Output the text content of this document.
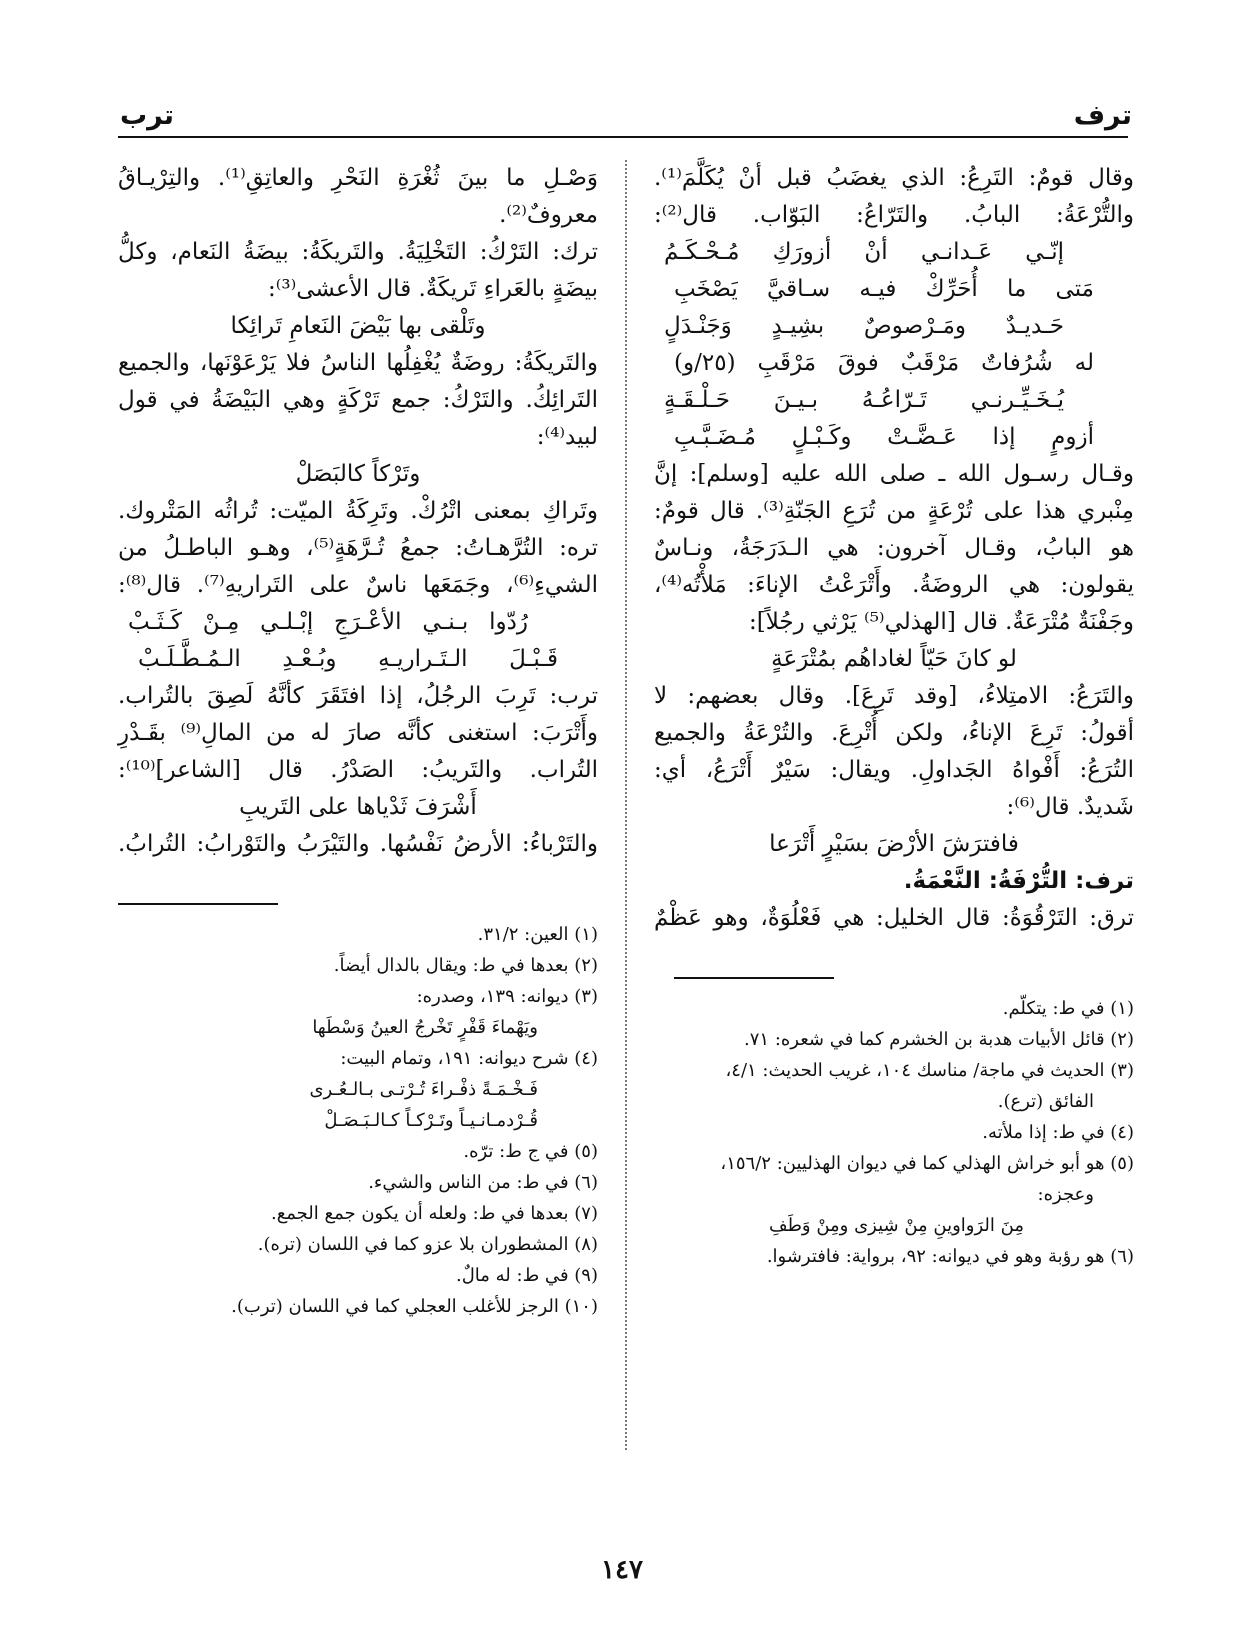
ترف
ترب
وقال قومٌ: التَرِعُ: الذي يغضَبُ قبل أنْ يُكَلَّمَ⁽¹⁾.
والتُّرْعَةُ: البابُ. والتَرّاعُ: البَوّاب. قال⁽²⁾:
إنّـي عَـدانـي أنْ أزورَكِ مُـحْـكَـمُ
مَتى ما أُحَرِّكْ فيـه سـاقيَّ يَصْخَبِ
حَـديـدٌ ومَـرْصوصٌ بشِيـدٍ وَجَنْـدَلٍ
له شُرُفاتٌ مَرْقَبٌ فوقَ مَرْقَبِ (٢٥/و)
يُـخَـيِّـرنـي تَـرّاعُـهُ بـيـنَ حَـلْـقَـةٍ
أزومٍ إذا عَـضَّـتْ وكَـبْـلٍ مُـضَـبَّـبِ
وقـال رسـول الله ـ صلى الله عليه [وسلم]: إنَّ
مِنْبري هذا على تُرْعَةٍ من تُرَعِ الجَنّةِ⁽³⁾. قال قومٌ:
هو البابُ، وقـال آخرون: هي الـدَرَجَةُ، ونـاسٌ
يقولون: هي الروضَةُ. وأَتْرَعْتُ الإناءَ: مَلأْتُه⁽⁴⁾،
وجَفْنَةٌ مُتْرَعَةٌ. قال [الهذلي⁽⁵⁾ يَرْثي رجُلاً]:
لو كانَ حَيّاً لغاداهُم بمُتْرَعَةٍ
والتَرَعُ: الامتِلاءُ، [وقد تَرِعَ]. وقال بعضهم: لا
أقولُ: تَرِعَ الإناءُ، ولكن أُتْرِعَ. والتُرْعَةُ والجميع
التُرَعُ: أَفْواهُ الجَداولِ. ويقال: سَيْرٌ أَتْرَعُ، أي:
شَديدٌ. قال⁽⁶⁾:
فافترَشَ الأرْضَ بسَيْرٍ أَتْرَعا
ترف: التُّرْفَةُ: النَّعْمَةُ.
ترق: التَرْقُوَةُ: قال الخليل: هي فَعْلُوَةٌ، وهو عَظْمٌ
(١) في ط: يتكلّم.
(٢) قائل الأبيات هدبة بن الخشرم كما في شعره: ٧١.
(٣) الحديث في ماجة/ مناسك ١٠٤، غريب الحديث: ٤/١،
الفائق (ترع).
(٤) في ط: إذا ملأته.
(٥) هو أبو خراش الهذلي كما في ديوان الهذليين: ١٥٦/٢،
وعجزه:
مِنَ الرَواوينِ مِنْ شِيزى ومِنْ وَطَفِ
(٦) هو رؤبة وهو في ديوانه: ٩٢، برواية: فافترشوا.
وَصْـلِ ما بينَ ثُغْرَةِ النَحْرِ والعاتِقِ⁽¹⁾. والتِرْيـاقُ
معروفٌ⁽²⁾.
ترك: التَرْكُ: التَخْلِيَةُ. والتَريكَةُ: بيضَةُ النَعام، وكلُّ
بيضَةٍ بالعَراءِ تَريكَةٌ. قال الأعشى⁽³⁾:
وتَلْقى بها بَيْضَ النَعامِ تَرائِكا
والتَريكَةُ: روضَةٌ يُغْفِلُها الناسُ فلا يَرْعَوْنَها، والجميع
التَرائِكُ. والتَرْكُ: جمع تَرْكَةٍ وهي البَيْضَةُ في قول
لبيد⁽⁴⁾:
وتَرْكاً كالبَصَلْ
وتَراكِ بمعنى اتْرُكْ. وتَرِكَةُ الميّت: تُراثُه المَتْروك.
تره: التُرَّهـاتُ: جمعُ تُـرَّهَةٍ⁽⁵⁾، وهـو الباطـلُ من
الشيءِ⁽⁶⁾، وجَمَعَها ناسٌ على التَراريهِ⁽⁷⁾. قال⁽⁸⁾:
رُدّوا بـنـي الأعْـرَجِ إبْـلـي مِـنْ كَـثَـبْ
قَـبْـلَ الـتَـراريـهِ وبُـعْـدِ الـمُـطَّـلَـبْ
ترب: تَرِبَ الرجُلُ، إذا افتَقَرَ كأنَّهُ لَصِقَ بالتُراب.
وأَتْرَبَ: استغنى كأنَّه صارَ له من المالِ⁽⁹⁾ بقَـدْرِ
التُراب. والتَريبُ: الصَدْرُ. قال [الشاعر]⁽¹⁰⁾:
أَشْرَفَ ثَدْياها على التَريبِ
والتَرْباءُ: الأرضُ نَفْسُها. والتَيْرَبُ والتَوْرابُ: التُرابُ.
(١) العين: ٣١/٢.
(٢) بعدها في ط: ويقال بالدال أيضاً.
(٣) ديوانه: ١٣٩، وصدره:
ويَهْماءَ قَفْرٍ تَخْرجُ العينُ وَسْطَها
(٤) شرح ديوانه: ١٩١، وتمام البيت:
فَـخْـمَـةً ذفْـراءَ تُـرْتـى بـالـعُـرى
قُـرْدمـانـيـاً وتَـرْكـاً كـالـبَـصَـلْ
(٥) في ج ط: ترّه.
(٦) في ط: من الناس والشيء.
(٧) بعدها في ط: ولعله أن يكون جمع الجمع.
(٨) المشطوران بلا عزو كما في اللسان (تره).
(٩) في ط: له مالٌ.
(١٠) الرجز للأغلب العجلي كما في اللسان (ترب).
١٤٧
